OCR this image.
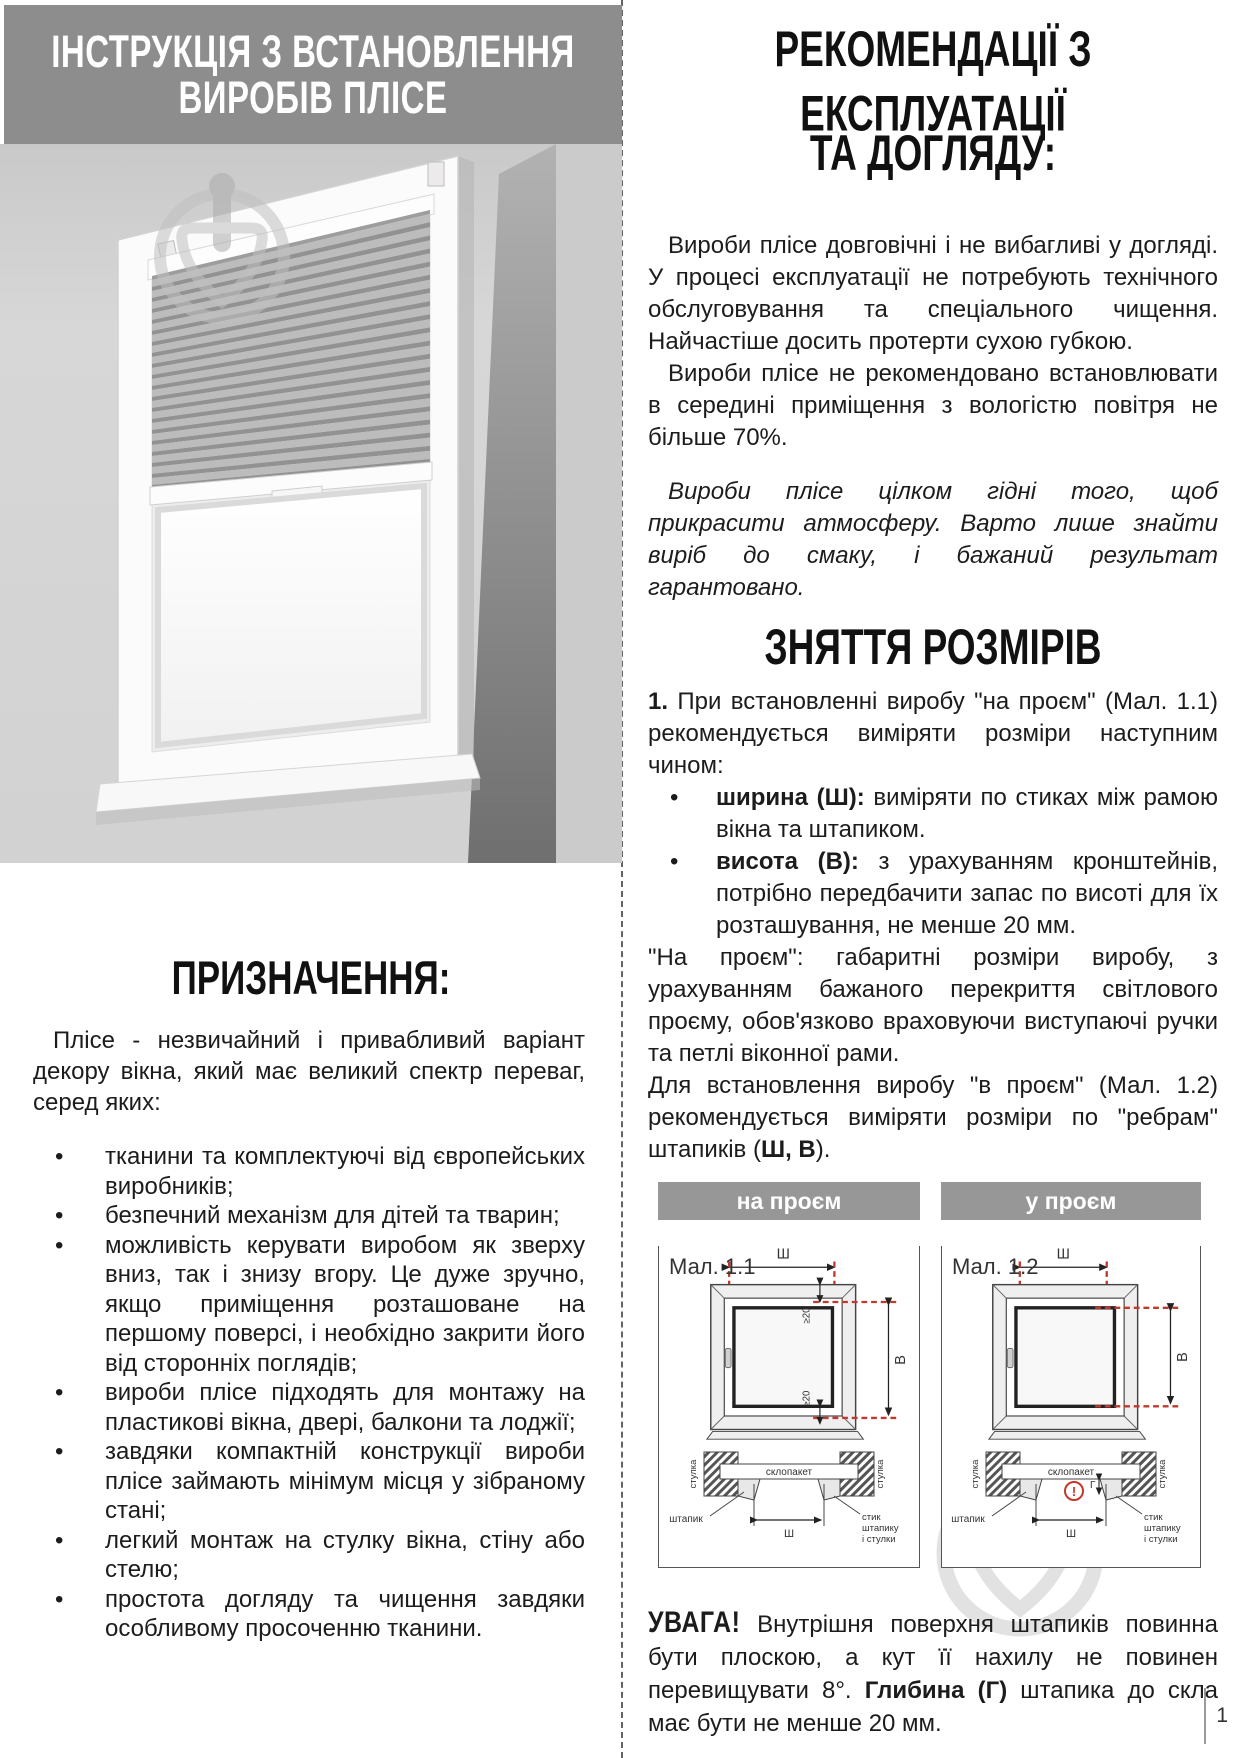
ІНСТРУКЦІЯ З ВСТАНОВЛЕННЯ
ВИРОБІВ ПЛІСЕ
ПРИЗНАЧЕННЯ:

Плісе - незвичайний і привабливий варіант декору вікна, який має великий спектр переваг, серед яких:

• тканини та комплектуючі від європейських виробників;
• безпечний механізм для дітей та тварин;
• можливість керувати виробом як зверху вниз, так і знизу вгору. Це дуже зручно, якщо приміщення розташоване на першому поверсі, і необхідно закрити його від сторонніх поглядів;
• вироби плісе підходять для монтажу на пластикові вікна, двері, балкони та лоджії;
• завдяки компактній конструкції вироби плісе займають мінімум місця у зібраному стані;
• легкий монтаж на стулку вікна, стіну або стелю;
• простота догляду та чищення завдяки особливому просоченню тканини.
РЕКОМЕНДАЦІЇ З ЕКСПЛУАТАЦІЇ
ТА ДОГЛЯДУ:

Вироби плісе довговічні і не вибагливі у догляді. У процесі експлуатації не потребують технічного обслуговування та спеціального чищення. Найчастіше досить протерти сухою губкою.

Вироби плісе не рекомендовано встановлювати в середині приміщення з вологістю повітря не більше 70%.

Вироби плісе цілком гідні того, щоб прикрасити атмосферу. Варто лише знайти виріб до смаку, і бажаний результат гарантовано.

ЗНЯТТЯ РОЗМІРІВ

1. При встановленні виробу "на проєм" (Мал. 1.1) рекомендується виміряти розміри наступним чином:

• ширина (Ш): виміряти по стиках між рамою вікна та штапиком.
• висота (В): з урахуванням кронштейнів, потрібно передбачити запас по висоті для їх розташування, не менше 20 мм.

"На проєм": габаритні розміри виробу, з урахуванням бажаного перекриття світлового проєму, обов'язково враховуючи виступаючі ручки та петлі віконної рами.

Для встановлення виробу "в проєм" (Мал. 1.2) рекомендується виміряти розміри по "ребрам" штапиків (Ш, В).

на проєм
Мал. 1.1 Ш
В
≥20
≥20
склопакет
стулка	стулка
штапик
Ш
стик
штапику
і стулки
у проєм
Мал. 1.2 Ш
В
склопакет
стулка	стулка
штапик
Ш
! Г
стик
штапику
і стулки

УВАГА! Внутрішня поверхня штапиків повинна бути плоскою, а кут її нахилу не повинен перевищувати 8°. Глибина (Г) штапика до скла має бути не менше 20 мм.	1
